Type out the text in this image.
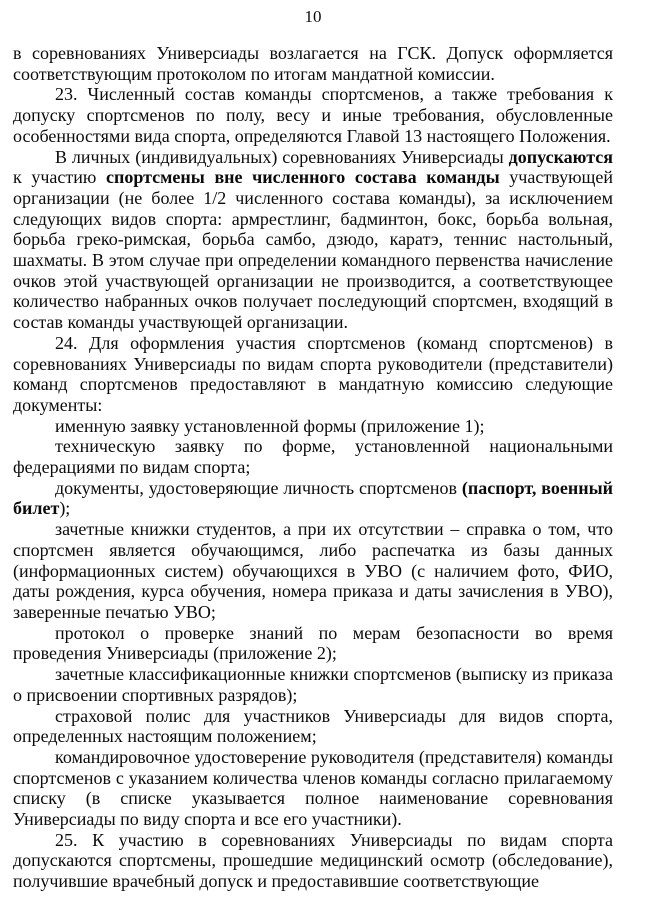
10

в соревнованиях Универсиады возлагается на ГСК. Допуск оформляется соответствующим протоколом по итогам мандатной комиссии.

23. Численный состав команды спортсменов, а также требования к допуску спортсменов по полу, весу и иные требования, обусловленные особенностями вида спорта, определяются Главой 13 настоящего Положения.

В личных (индивидуальных) соревнованиях Универсиады допускаются к участию спортсмены вне численного состава команды участвующей организации (не более 1/2 численного состава команды), за исключением следующих видов спорта: армрестлинг, бадминтон, бокс, борьба вольная, борьба греко-римская, борьба самбо, дзюдо, каратэ, теннис настольный, шахматы. В этом случае при определении командного первенства начисление очков этой участвующей организации не производится, а соответствующее количество набранных очков получает последующий спортсмен, входящий в состав команды участвующей организации.

24. Для оформления участия спортсменов (команд спортсменов) в соревнованиях Универсиады по видам спорта руководители (представители) команд спортсменов предоставляют в мандатную комиссию следующие документы:

именную заявку установленной формы (приложение 1);

техническую заявку по форме, установленной национальными федерациями по видам спорта;

документы, удостоверяющие личность спортсменов (паспорт, военный билет);

зачетные книжки студентов, а при их отсутствии – справка о том, что спортсмен является обучающимся, либо распечатка из базы данных (информационных систем) обучающихся в УВО (с наличием фото, ФИО, даты рождения, курса обучения, номера приказа и даты зачисления в УВО), заверенные печатью УВО;

протокол о проверке знаний по мерам безопасности во время проведения Универсиады (приложение 2);

зачетные классификационные книжки спортсменов (выписку из приказа о присвоении спортивных разрядов);

страховой полис для участников Универсиады для видов спорта, определенных настоящим положением;

командировочное удостоверение руководителя (представителя) команды спортсменов с указанием количества членов команды согласно прилагаемому списку (в списке указывается полное наименование соревнования Универсиады по виду спорта и все его участники).

25. К участию в соревнованиях Универсиады по видам спорта допускаются спортсмены, прошедшие медицинский осмотр (обследование), получившие врачебный допуск и предоставившие соответствующие
